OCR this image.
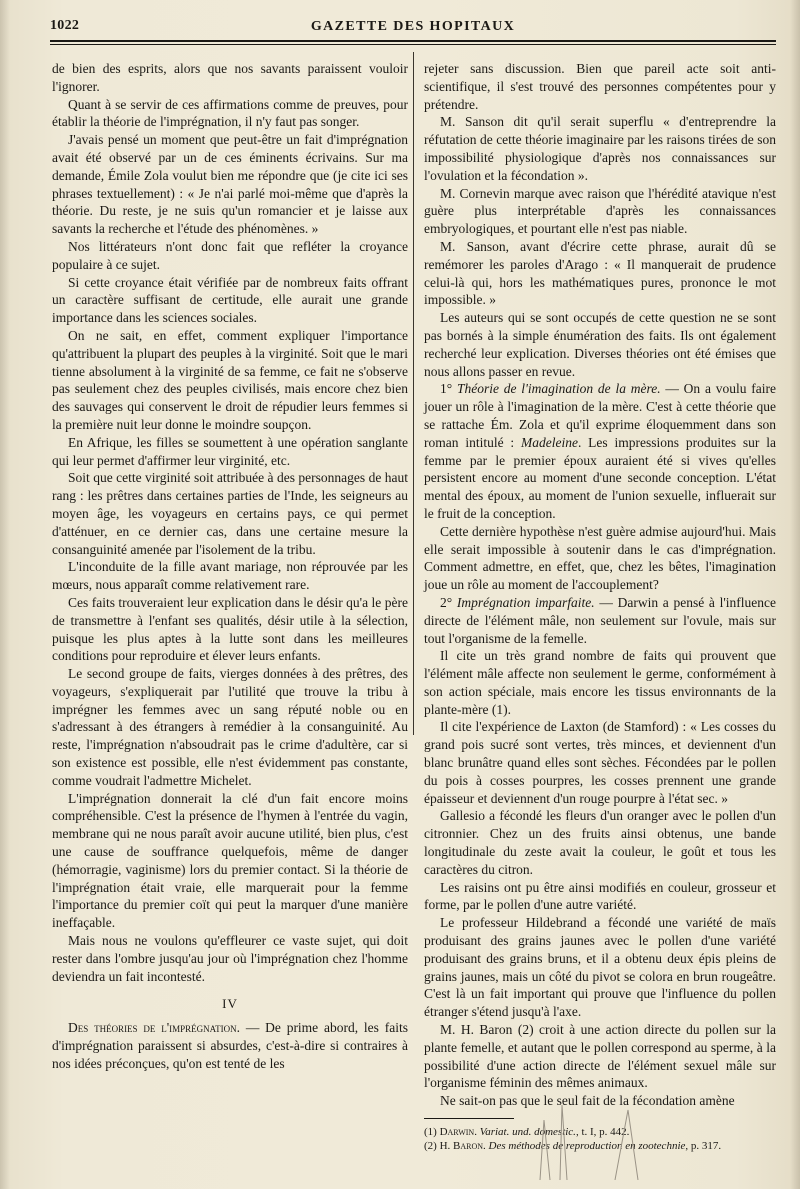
1022	GAZETTE DES HOPITAUX

de bien des esprits, alors que nos savants paraissent vouloir l'ignorer.

Quant à se servir de ces affirmations comme de preuves, pour établir la théorie de l'imprégnation, il n'y faut pas songer.

J'avais pensé un moment que peut-être un fait d'imprégnation avait été observé par un de ces éminents écrivains. Sur ma demande, Émile Zola voulut bien me répondre que (je cite ici ses phrases textuellement) : « Je n'ai parlé moi-même que d'après la théorie. Du reste, je ne suis qu'un romancier et je laisse aux savants la recherche et l'étude des phénomènes. »

Nos littérateurs n'ont donc fait que refléter la croyance populaire à ce sujet.

Si cette croyance était vérifiée par de nombreux faits offrant un caractère suffisant de certitude, elle aurait une grande importance dans les sciences sociales.

On ne sait, en effet, comment expliquer l'importance qu'attribuent la plupart des peuples à la virginité. Soit que le mari tienne absolument à la virginité de sa femme, ce fait ne s'observe pas seulement chez des peuples civilisés, mais encore chez bien des sauvages qui conservent le droit de répudier leurs femmes si la première nuit leur donne le moindre soupçon.

En Afrique, les filles se soumettent à une opération sanglante qui leur permet d'affirmer leur virginité, etc.

Soit que cette virginité soit attribuée à des personnages de haut rang : les prêtres dans certaines parties de l'Inde, les seigneurs au moyen âge, les voyageurs en certains pays, ce qui permet d'atténuer, en ce dernier cas, dans une certaine mesure la consanguinité amenée par l'isolement de la tribu.

L'inconduite de la fille avant mariage, non réprouvée par les mœurs, nous apparaît comme relativement rare.

Ces faits trouveraient leur explication dans le désir qu'a le père de transmettre à l'enfant ses qualités, désir utile à la sélection, puisque les plus aptes à la lutte sont dans les meilleures conditions pour reproduire et élever leurs enfants.

Le second groupe de faits, vierges données à des prêtres, des voyageurs, s'expliquerait par l'utilité que trouve la tribu à imprégner les femmes avec un sang réputé noble ou en s'adressant à des étrangers à remédier à la consanguinité. Au reste, l'imprégnation n'absoudrait pas le crime d'adultère, car si son existence est possible, elle n'est évidemment pas constante, comme voudrait l'admettre Michelet.

L'imprégnation donnerait la clé d'un fait encore moins compréhensible. C'est la présence de l'hymen à l'entrée du vagin, membrane qui ne nous paraît avoir aucune utilité, bien plus, c'est une cause de souffrance quelquefois, même de danger (hémorragie, vaginisme) lors du premier contact. Si la théorie de l'imprégnation était vraie, elle marquerait pour la femme l'importance du premier coït qui peut la marquer d'une manière ineffaçable.

Mais nous ne voulons qu'effleurer ce vaste sujet, qui doit rester dans l'ombre jusqu'au jour où l'imprégnation chez l'homme deviendra un fait incontesté.

IV

Des théories de l'imprégnation. — De prime abord, les faits d'imprégnation paraissent si absurdes, c'est-à-dire si contraires à nos idées préconçues, qu'on est tenté de les

rejeter sans discussion. Bien que pareil acte soit anti-scientifique, il s'est trouvé des personnes compétentes pour y prétendre.

M. Sanson dit qu'il serait superflu « d'entreprendre la réfutation de cette théorie imaginaire par les raisons tirées de son impossibilité physiologique d'après nos connaissances sur l'ovulation et la fécondation ».

M. Cornevin marque avec raison que l'hérédité atavique n'est guère plus interprétable d'après les connaissances embryologiques, et pourtant elle n'est pas niable.

M. Sanson, avant d'écrire cette phrase, aurait dû se remémorer les paroles d'Arago : « Il manquerait de prudence celui-là qui, hors les mathématiques pures, prononce le mot impossible. »

Les auteurs qui se sont occupés de cette question ne se sont pas bornés à la simple énumération des faits. Ils ont également recherché leur explication. Diverses théories ont été émises que nous allons passer en revue.

1° Théorie de l'imagination de la mère. — On a voulu faire jouer un rôle à l'imagination de la mère. C'est à cette théorie que se rattache Ém. Zola et qu'il exprime éloquemment dans son roman intitulé : Madeleine. Les impressions produites sur la femme par le premier époux auraient été si vives qu'elles persistent encore au moment d'une seconde conception. L'état mental des époux, au moment de l'union sexuelle, influerait sur le fruit de la conception.

Cette dernière hypothèse n'est guère admise aujourd'hui. Mais elle serait impossible à soutenir dans le cas d'imprégnation. Comment admettre, en effet, que, chez les bêtes, l'imagination joue un rôle au moment de l'accouplement?

2° Imprégnation imparfaite. — Darwin a pensé à l'influence directe de l'élément mâle, non seulement sur l'ovule, mais sur tout l'organisme de la femelle.

Il cite un très grand nombre de faits qui prouvent que l'élément mâle affecte non seulement le germe, conformément à son action spéciale, mais encore les tissus environnants de la plante-mère (1).

Il cite l'expérience de Laxton (de Stamford) : « Les cosses du grand pois sucré sont vertes, très minces, et deviennent d'un blanc brunâtre quand elles sont sèches. Fécondées par le pollen du pois à cosses pourpres, les cosses prennent une grande épaisseur et deviennent d'un rouge pourpre à l'état sec. »

Gallesio a fécondé les fleurs d'un oranger avec le pollen d'un citronnier. Chez un des fruits ainsi obtenus, une bande longitudinale du zeste avait la couleur, le goût et tous les caractères du citron.

Les raisins ont pu être ainsi modifiés en couleur, grosseur et forme, par le pollen d'une autre variété.

Le professeur Hildebrand a fécondé une variété de maïs produisant des grains jaunes avec le pollen d'une variété produisant des grains bruns, et il a obtenu deux épis pleins de grains jaunes, mais un côté du pivot se colora en brun rougeâtre. C'est là un fait important qui prouve que l'influence du pollen étranger s'étend jusqu'à l'axe.

M. H. Baron (2) croit à une action directe du pollen sur la plante femelle, et autant que le pollen correspond au sperme, à la possibilité d'une action directe de l'élément sexuel mâle sur l'organisme féminin des mêmes animaux.

Ne sait-on pas que le seul fait de la fécondation amène

(1) Darwin. Variat. und. domestic., t. I, p. 442.

(2) H. Baron. Des méthodes de reproduction en zootechnie, p. 317.
